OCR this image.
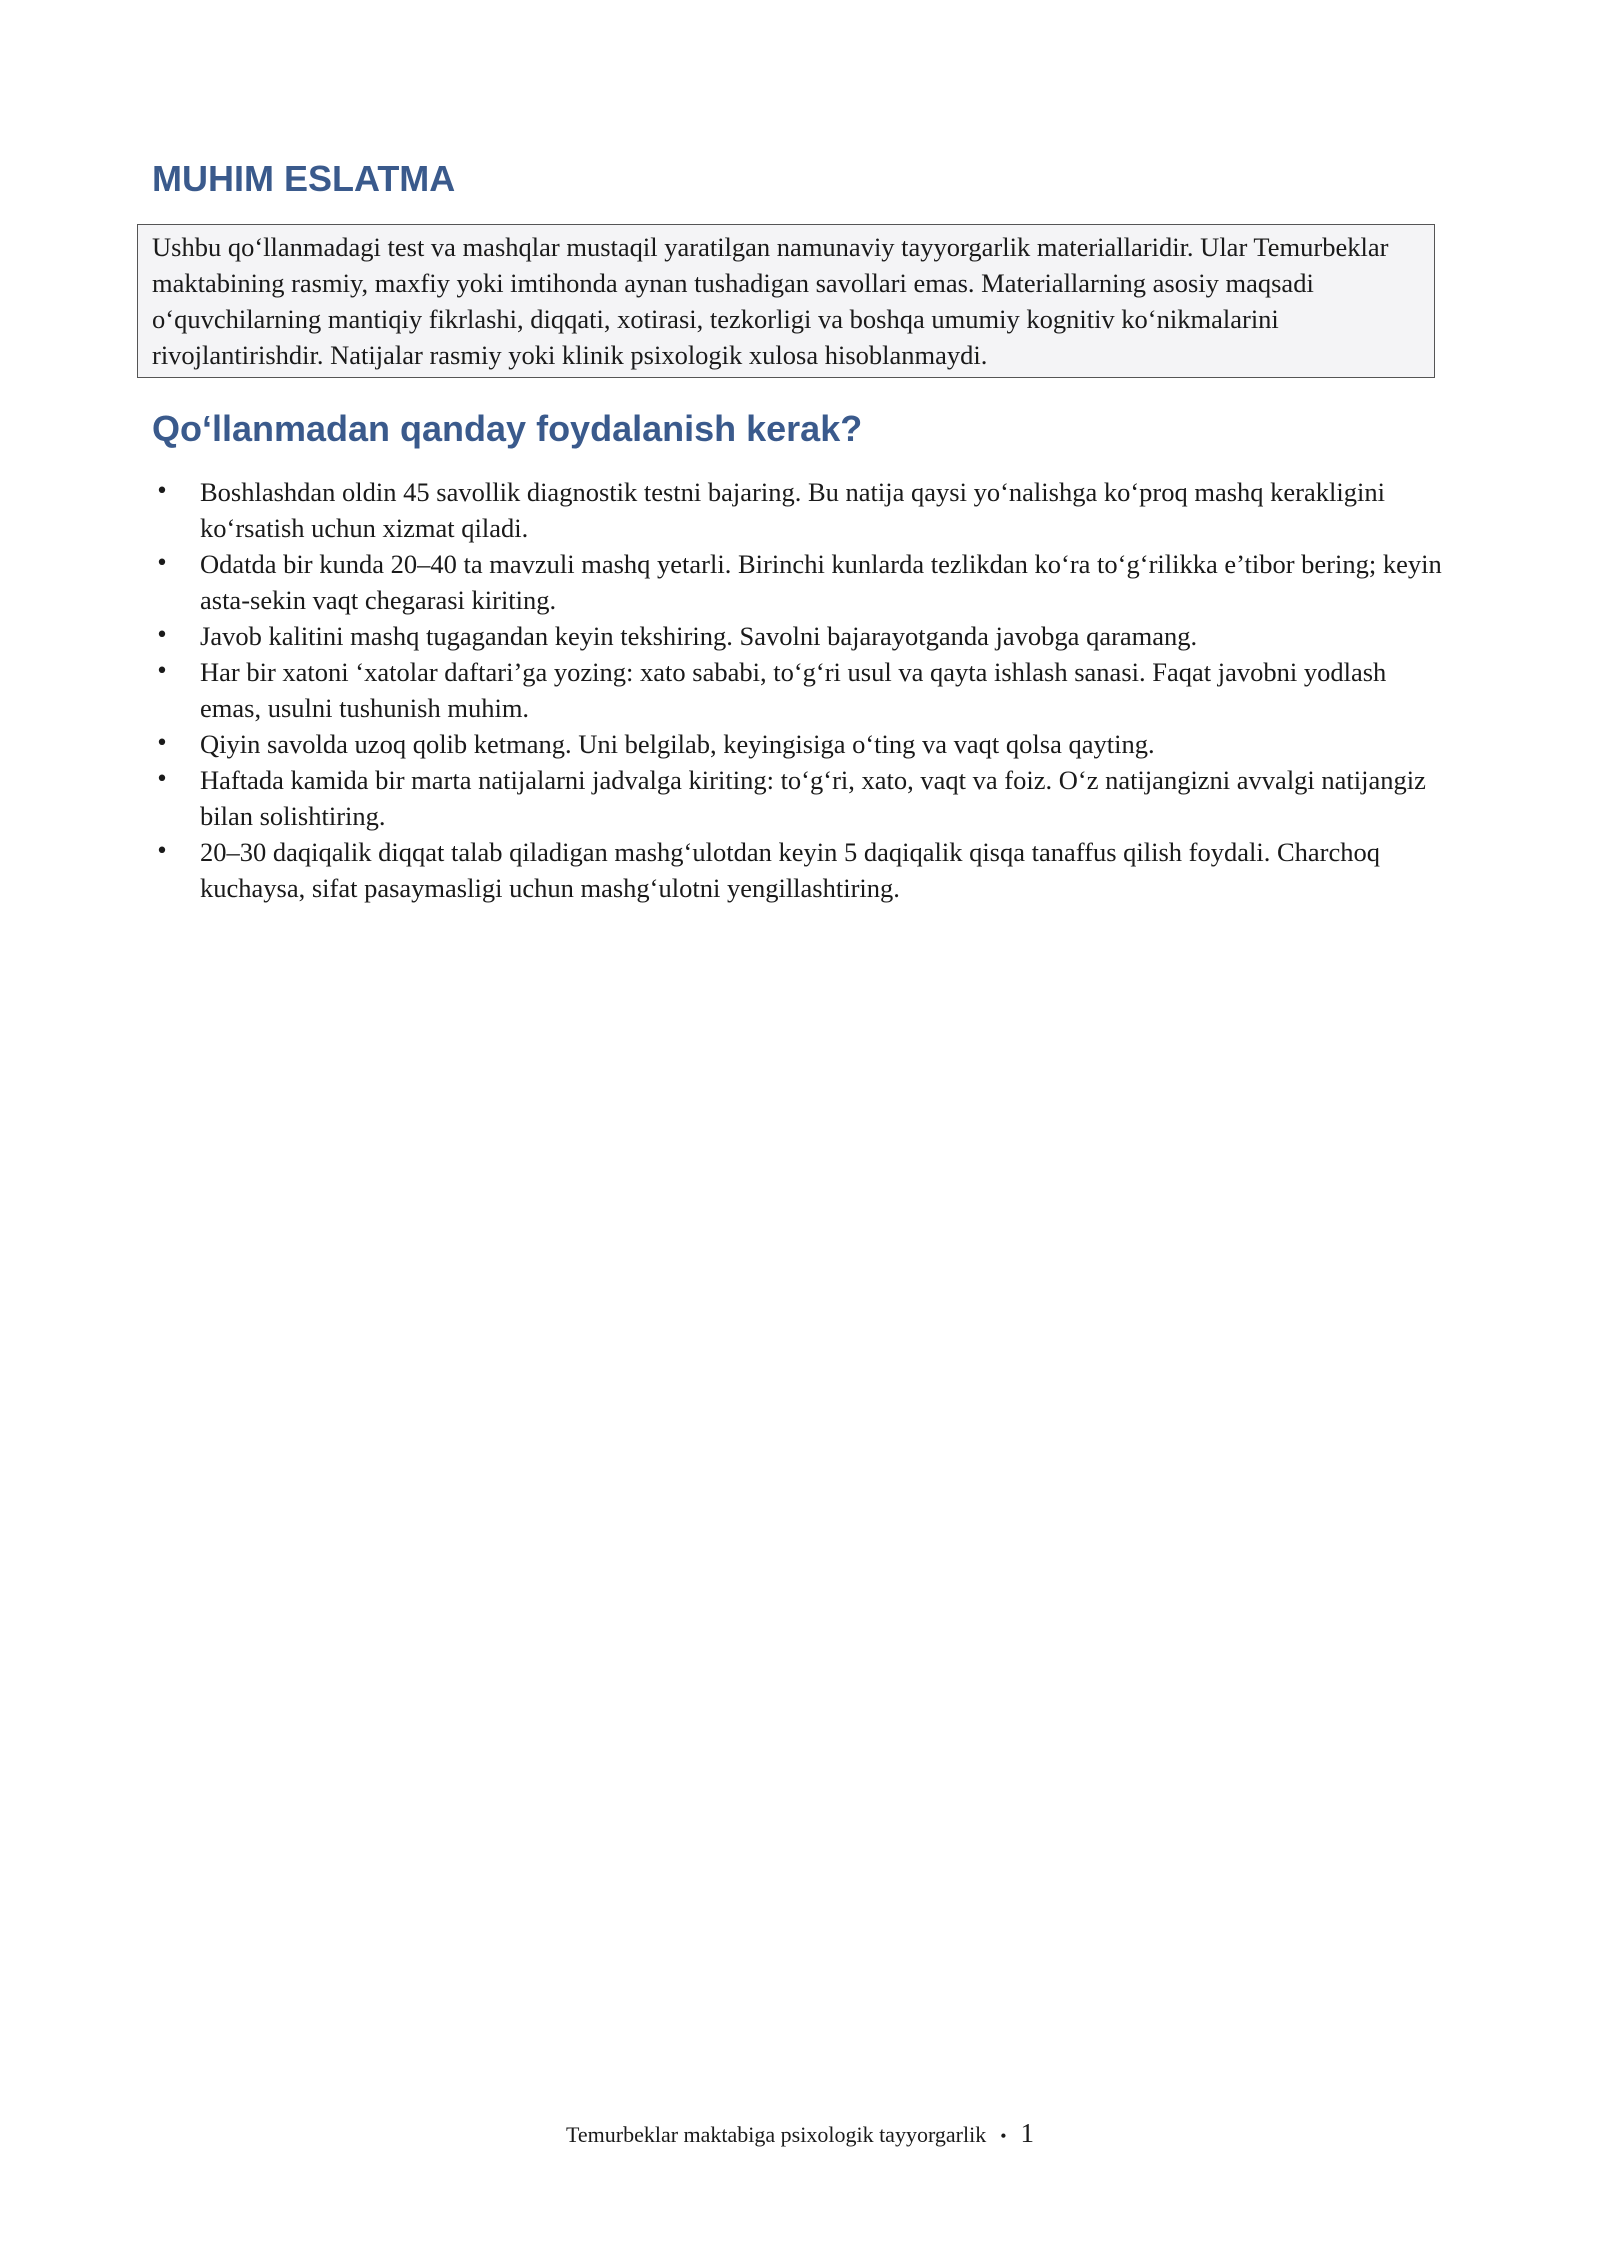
MUHIM ESLATMA
Ushbu qo‘llanmadagi test va mashqlar mustaqil yaratilgan namunaviy tayyorgarlik materiallaridir. Ular Temurbeklar maktabining rasmiy, maxfiy yoki imtihonda aynan tushadigan savollari emas. Materiallarning asosiy maqsadi o‘quvchilarning mantiqiy fikrlashi, diqqati, xotirasi, tezkorligi va boshqa umumiy kognitiv ko‘nikmalarini rivojlantirishdir. Natijalar rasmiy yoki klinik psixologik xulosa hisoblanmaydi.
Qo‘llanmadan qanday foydalanish kerak?
• Boshlashdan oldin 45 savollik diagnostik testni bajaring. Bu natija qaysi yo‘nalishga ko‘proq mashq kerakligini ko‘rsatish uchun xizmat qiladi.
• Odatda bir kunda 20–40 ta mavzuli mashq yetarli. Birinchi kunlarda tezlikdan ko‘ra to‘g‘rilikka e’tibor bering; keyin asta-sekin vaqt chegarasi kiriting.
• Javob kalitini mashq tugagandan keyin tekshiring. Savolni bajarayotganda javobga qaramang.
• Har bir xatoni ‘xatolar daftari’ga yozing: xato sababi, to‘g‘ri usul va qayta ishlash sanasi. Faqat javobni yodlash emas, usulni tushunish muhim.
• Qiyin savolda uzoq qolib ketmang. Uni belgilab, keyingisiga o‘ting va vaqt qolsa qayting.
• Haftada kamida bir marta natijalarni jadvalga kiriting: to‘g‘ri, xato, vaqt va foiz. O‘z natijangizni avvalgi natijangiz bilan solishtiring.
• 20–30 daqiqalik diqqat talab qiladigan mashg‘ulotdan keyin 5 daqiqalik qisqa tanaffus qilish foydali. Charchoq kuchaysa, sifat pasaymasligi uchun mashg‘ulotni yengillashtiring.
Temurbeklar maktabiga psixologik tayyorgarlik • 1
